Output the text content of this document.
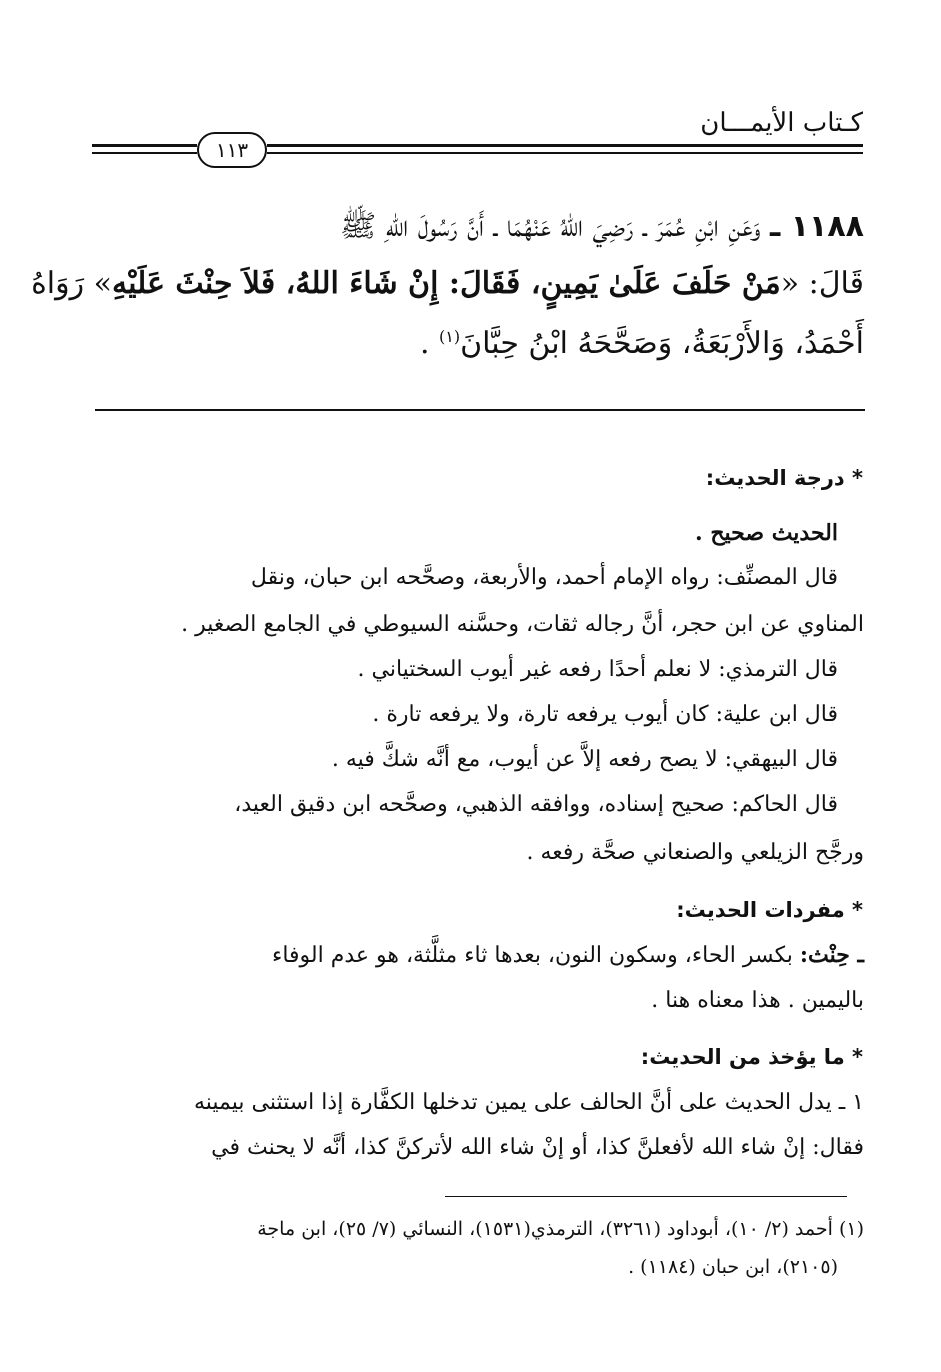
كـتاب الأيمـــان
١١٣
١١٨٨ ـ وَعَنِ ابْنِ عُمَرَ ـ رَضِيَ اللهُ عَنْهُمَا ـ أَنَّ رَسُولَ اللهِ ﷺ
قَالَ: «مَنْ حَلَفَ عَلَىٰ يَمِينٍ، فَقَالَ: إِنْ شَاءَ اللهُ، فَلاَ حِنْثَ عَلَيْهِ» رَوَاهُ
أَحْمَدُ، وَالأَرْبَعَةُ، وَصَحَّحَهُ ابْنُ حِبَّانَ$^{(١)}$ .
* درجة الحديث:
الحديث صحيح .
قال المصنِّف: رواه الإمام أحمد، والأربعة، وصحَّحه ابن حبان، ونقل
المناوي عن ابن حجر، أنَّ رجاله ثقات، وحسَّنه السيوطي في الجامع الصغير .
قال الترمذي: لا نعلم أحدًا رفعه غير أيوب السختياني .
قال ابن علية: كان أيوب يرفعه تارة، ولا يرفعه تارة .
قال البيهقي: لا يصح رفعه إلاَّ عن أيوب، مع أنَّه شكَّ فيه .
قال الحاكم: صحيح إسناده، ووافقه الذهبي، وصحَّحه ابن دقيق العيد،
ورجَّح الزيلعي والصنعاني صحَّة رفعه .
* مفردات الحديث:
ـ حِنْث: بكسر الحاء، وسكون النون، بعدها ثاء مثلَّثة، هو عدم الوفاء
باليمين . هذا معناه هنا .
* ما يؤخذ من الحديث:
١ ـ يدل الحديث على أنَّ الحالف على يمين تدخلها الكفَّارة إذا استثنى بيمينه
فقال: إنْ شاء الله لأفعلنَّ كذا، أو إنْ شاء الله لأتركنَّ كذا، أنَّه لا يحنث في
(١) أحمد (٢/ ١٠)، أبوداود (٣٢٦١)، الترمذي(١٥٣١)، النسائي (٧/ ٢٥)، ابن ماجة
(٢١٠٥)، ابن حبان (١١٨٤) .
